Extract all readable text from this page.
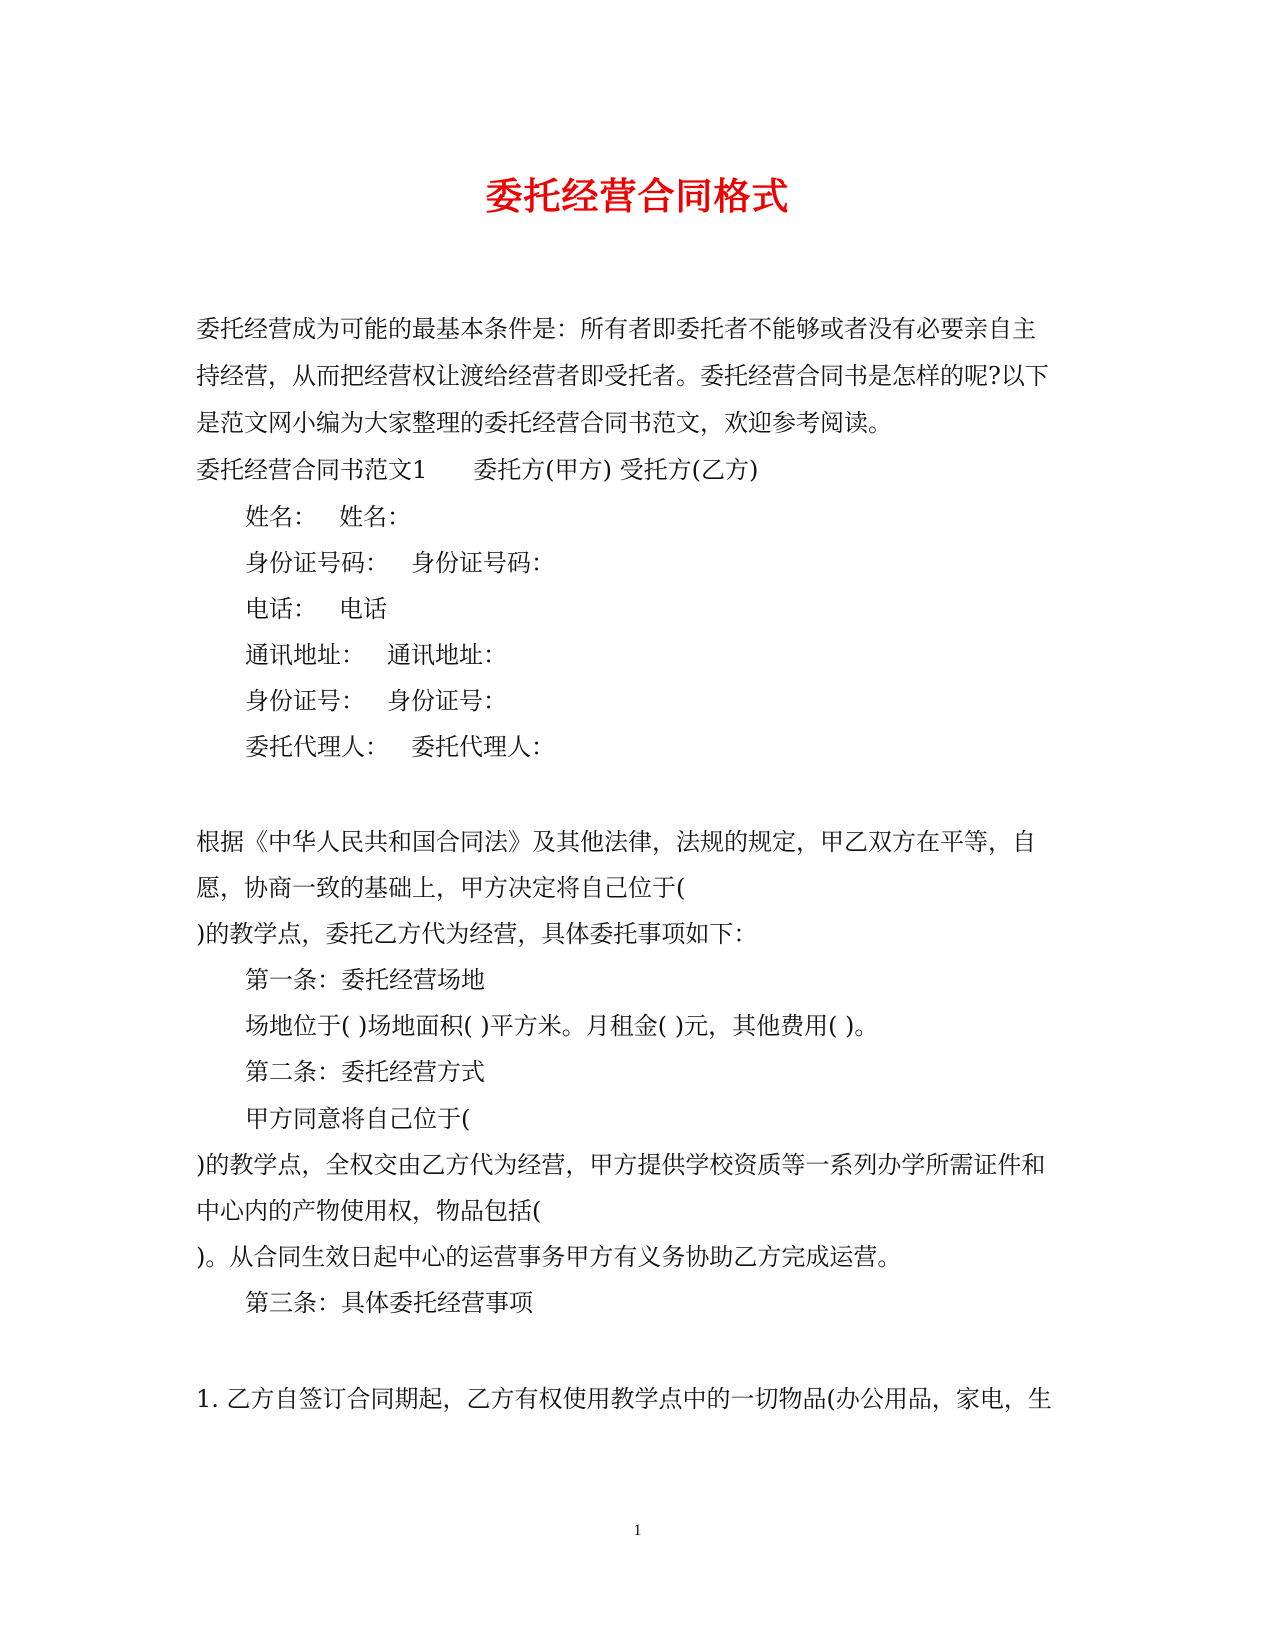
委托经营合同格式
委托经营成为可能的最基本条件是：所有者即委托者不能够或者没有必要亲自主
持经营，从而把经营权让渡给经营者即受托者。委托经营合同书是怎样的呢?以下
是范文网小编为大家整理的委托经营合同书范文，欢迎参考阅读。
委托经营合同书范文1 委托方(甲方) 受托方(乙方)
姓名： 姓名：
身份证号码： 身份证号码：
电话： 电话
通讯地址： 通讯地址：
身份证号： 身份证号：
委托代理人： 委托代理人：
根据《中华人民共和国合同法》及其他法律，法规的规定，甲乙双方在平等，自
愿，协商一致的基础上，甲方决定将自己位于(
)的教学点，委托乙方代为经营，具体委托事项如下：
第一条：委托经营场地
场地位于( )场地面积( )平方米。月租金( )元，其他费用( )。
第二条：委托经营方式
甲方同意将自己位于(
)的教学点，全权交由乙方代为经营，甲方提供学校资质等一系列办学所需证件和
中心内的产物使用权，物品包括(
)。从合同生效日起中心的运营事务甲方有义务协助乙方完成运营。
第三条：具体委托经营事项
1. 乙方自签订合同期起，乙方有权使用教学点中的一切物品(办公用品，家电，生
1
